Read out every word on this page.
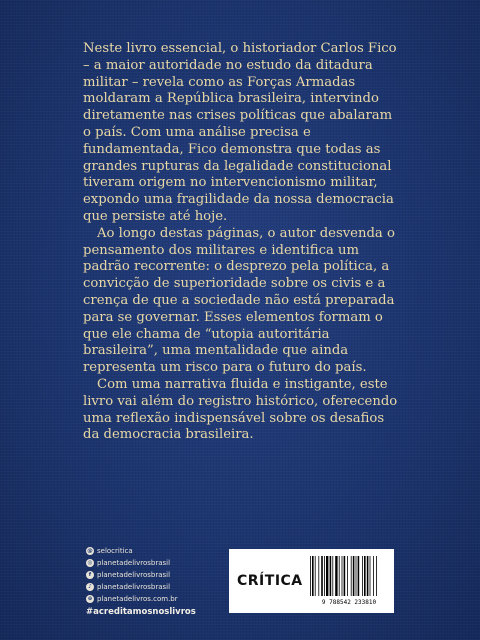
Neste livro essencial, o historiador Carlos Fico – a maior autoridade no estudo da ditadura militar – revela como as Forças Armadas moldaram a República brasileira, intervindo diretamente nas crises políticas que abalaram o país. Com uma análise precisa e fundamentada, Fico demonstra que todas as grandes rupturas da legalidade constitucional tiveram origem no intervencionismo militar, expondo uma fragilidade da nossa democracia que persiste até hoje.

Ao longo destas páginas, o autor desvenda o pensamento dos militares e identifica um padrão recorrente: o desprezo pela política, a convicção de superioridade sobre os civis e a crença de que a sociedade não está preparada para se governar. Esses elementos formam o que ele chama de “utopia autoritária brasileira”, uma mentalidade que ainda representa um risco para o futuro do país.

Com uma narrativa fluida e instigante, este livro vai além do registro histórico, oferecendo uma reflexão indispensável sobre os desafios da democracia brasileira.

@ selocritica
◎ planetadelivrosbrasil
f planetadelivrosbrasil
♪ planetadelivrosbrasil
⊕ planetadelivros.com.br
#acreditamosnoslivros
CRÍTICA
9 788542 233810
